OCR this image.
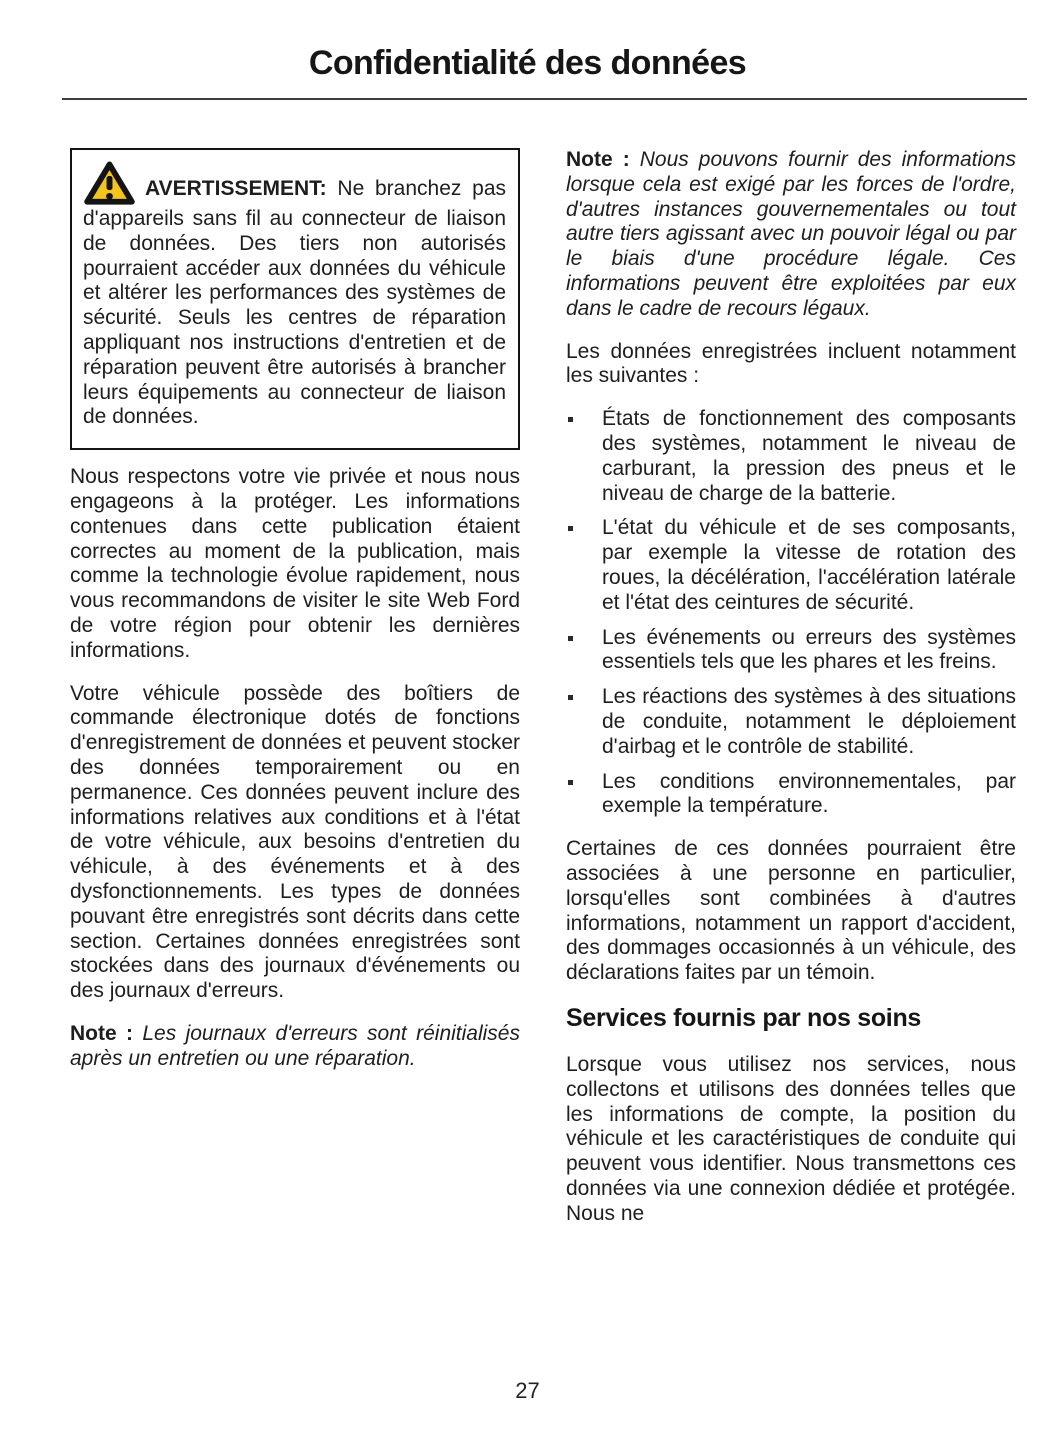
Confidentialité des données

AVERTISSEMENT: Ne branchez pas d'appareils sans fil au connecteur de liaison de données. Des tiers non autorisés pourraient accéder aux données du véhicule et altérer les performances des systèmes de sécurité. Seuls les centres de réparation appliquant nos instructions d'entretien et de réparation peuvent être autorisés à brancher leurs équipements au connecteur de liaison de données.

Nous respectons votre vie privée et nous nous engageons à la protéger. Les informations contenues dans cette publication étaient correctes au moment de la publication, mais comme la technologie évolue rapidement, nous vous recommandons de visiter le site Web Ford de votre région pour obtenir les dernières informations.

Votre véhicule possède des boîtiers de commande électronique dotés de fonctions d'enregistrement de données et peuvent stocker des données temporairement ou en permanence. Ces données peuvent inclure des informations relatives aux conditions et à l'état de votre véhicule, aux besoins d'entretien du véhicule, à des événements et à des dysfonctionnements. Les types de données pouvant être enregistrés sont décrits dans cette section. Certaines données enregistrées sont stockées dans des journaux d'événements ou des journaux d'erreurs.

Note : Les journaux d'erreurs sont réinitialisés après un entretien ou une réparation.

Note : Nous pouvons fournir des informations lorsque cela est exigé par les forces de l'ordre, d'autres instances gouvernementales ou tout autre tiers agissant avec un pouvoir légal ou par le biais d'une procédure légale. Ces informations peuvent être exploitées par eux dans le cadre de recours légaux.

Les données enregistrées incluent notamment les suivantes :

États de fonctionnement des composants des systèmes, notamment le niveau de carburant, la pression des pneus et le niveau de charge de la batterie.
L'état du véhicule et de ses composants, par exemple la vitesse de rotation des roues, la décélération, l'accélération latérale et l'état des ceintures de sécurité.
Les événements ou erreurs des systèmes essentiels tels que les phares et les freins.
Les réactions des systèmes à des situations de conduite, notamment le déploiement d'airbag et le contrôle de stabilité.
Les conditions environnementales, par exemple la température.

Certaines de ces données pourraient être associées à une personne en particulier, lorsqu'elles sont combinées à d'autres informations, notamment un rapport d'accident, des dommages occasionnés à un véhicule, des déclarations faites par un témoin.

Services fournis par nos soins

Lorsque vous utilisez nos services, nous collectons et utilisons des données telles que les informations de compte, la position du véhicule et les caractéristiques de conduite qui peuvent vous identifier. Nous transmettons ces données via une connexion dédiée et protégée. Nous ne

27
